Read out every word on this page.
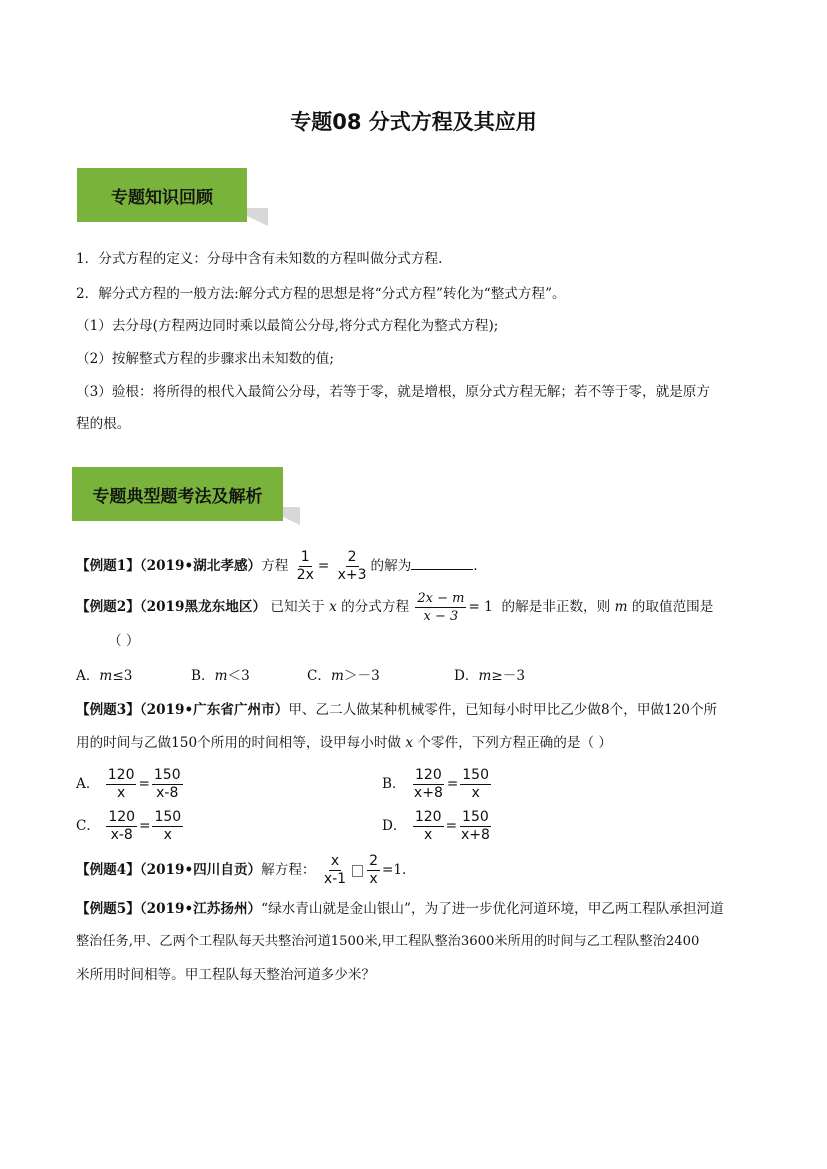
专题08 分式方程及其应用
专题知识回顾
1．分式方程的定义：分母中含有未知数的方程叫做分式方程.
2．解分式方程的一般方法:解分式方程的思想是将“分式方程”转化为“整式方程”。
（1）去分母(方程两边同时乘以最简公分母,将分式方程化为整式方程);
（2）按解整式方程的步骤求出未知数的值;
（3）验根：将所得的根代入最简公分母，若等于零，就是增根，原分式方程无解；若不等于零，就是原方
程的根。
专题典型题考法及解析
【例题1】（2019•湖北孝感）方程 $\frac{1}{2x} = \frac{2}{x+3}$ 的解为	.
【例题2】（2019黑龙东地区） 已知关于 x 的分式方程 $\frac{2x - m}{x - 3} = 1$ 的解是非正数，则 m 的取值范围是
（ ）
A．m≤3	B．m＜3	C．m＞－3	D．m≥－3
【例题3】（2019•广东省广州市）甲、乙二人做某种机械零件，已知每小时甲比乙少做8个，甲做120个所
用的时间与乙做150个所用的时间相等，设甲每小时做 x 个零件，下列方程正确的是（ ）
A． $\frac{120}{x} = \frac{150}{x-8}$	B． $\frac{120}{x+8} = \frac{150}{x}$
C． $\frac{120}{x-8} = \frac{150}{x}$	D． $\frac{120}{x} = \frac{150}{x+8}$
【例题4】（2019•四川自贡）解方程： $\frac{x}{x-1} \frac{2}{x} =1$.
【例题5】（2019•江苏扬州）“绿水青山就是金山银山”，为了进一步优化河道环境，甲乙两工程队承担河道
整治任务,甲、乙两个工程队每天共整治河道1500米,甲工程队整治3600米所用的时间与乙工程队整治2400
米所用时间相等。甲工程队每天整治河道多少米？
